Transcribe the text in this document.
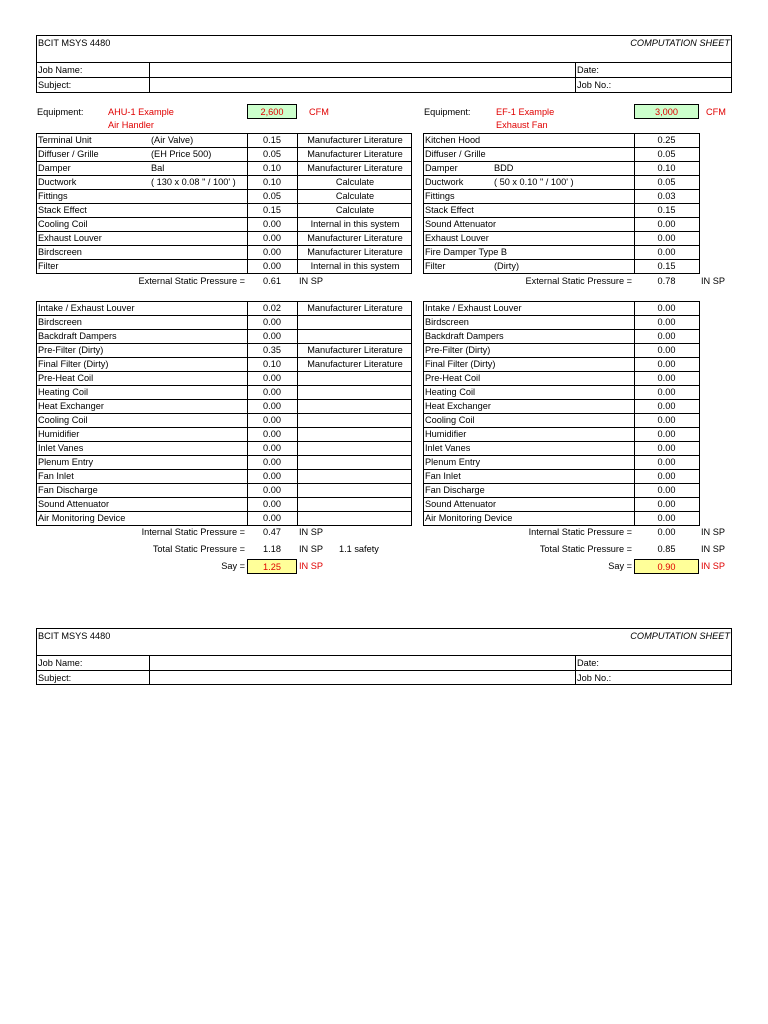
BCIT MSYS 4480	COMPUTATION SHEET
Job Name:
Subject:
Date:
Job No.:
Equipment:	AHU-1 Example
Air Handler
2,600	CFM
Terminal Unit	(Air Valve)	0.15	Manufacturer Literature
Diffuser / Grille	(EH Price 500)	0.05	Manufacturer Literature
Damper	Bal	0.10	Manufacturer Literature
Ductwork	( 130 x 0.08 " / 100' )	0.10	Calculate
Fittings	0.05	Calculate
Stack Effect	0.15	Calculate
Cooling Coil	0.00	Internal in this system
Exhaust Louver	0.00	Manufacturer Literature
Birdscreen	0.00	Manufacturer Literature
Filter	0.00	Internal in this system
External Static Pressure =	0.61	IN SP
Intake / Exhaust Louver	0.02	Manufacturer Literature
Birdscreen	0.00
Backdraft Dampers	0.00
Pre-Filter (Dirty)	0.35	Manufacturer Literature
Final Filter (Dirty)	0.10	Manufacturer Literature
Pre-Heat Coil	0.00
Heating Coil	0.00
Heat Exchanger	0.00
Cooling Coil	0.00
Humidifier	0.00
Inlet Vanes	0.00
Plenum Entry	0.00
Fan Inlet	0.00
Fan Discharge	0.00
Sound Attenuator	0.00
Air Monitoring Device	0.00
Internal Static Pressure =	0.47	IN SP
Total Static Pressure =	1.18	IN SP 1.1 safety
Say =	1.25	IN SP
Equipment:	EF-1 Example
Exhaust Fan
3,000	CFM
Kitchen Hood	0.25
Diffuser / Grille	0.05
Damper	BDD	0.10
Ductwork	( 50 x 0.10 " / 100' )	0.05
Fittings	0.03
Stack Effect	0.15
Sound Attenuator	0.00
Exhaust Louver	0.00
Fire Damper Type B	0.00
Filter	(Dirty)	0.15
External Static Pressure =	0.78	IN SP
Intake / Exhaust Louver	0.00
Birdscreen	0.00
Backdraft Dampers	0.00
Pre-Filter (Dirty)	0.00
Final Filter (Dirty)	0.00
Pre-Heat Coil	0.00
Heating Coil	0.00
Heat Exchanger	0.00
Cooling Coil	0.00
Humidifier	0.00
Inlet Vanes	0.00
Plenum Entry	0.00
Fan Inlet	0.00
Fan Discharge	0.00
Sound Attenuator	0.00
Air Monitoring Device	0.00
Internal Static Pressure =	0.00	IN SP
Total Static Pressure =	0.85	IN SP
Say =	0.90	IN SP
BCIT MSYS 4480	COMPUTATION SHEET
Job Name:
Subject:
Date:
Job No.:
